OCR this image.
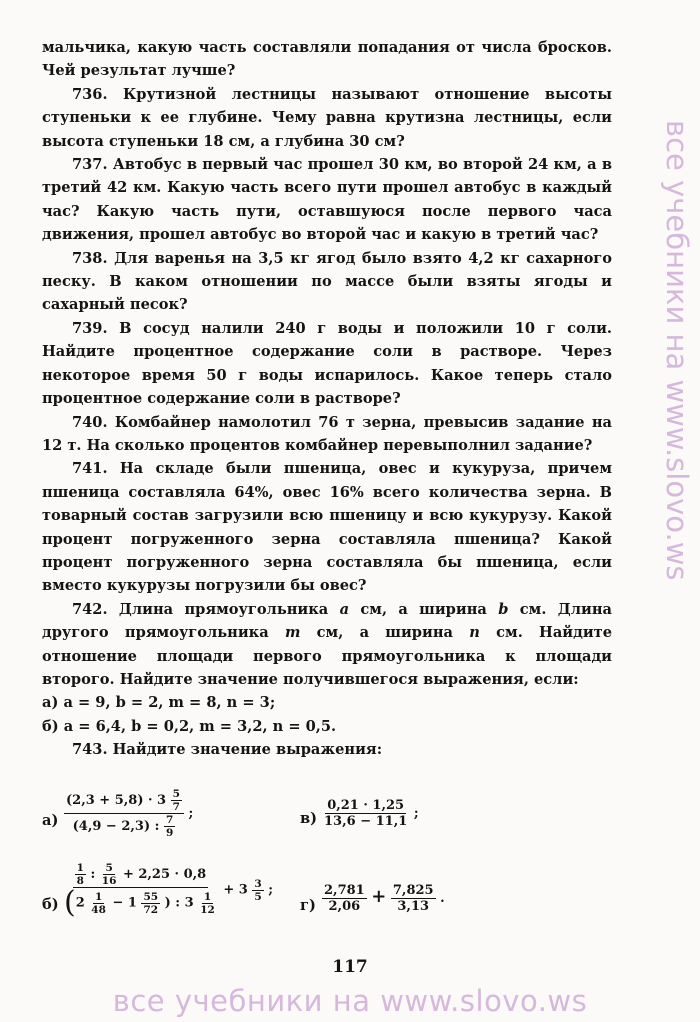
мальчика, какую часть составляли попадания от числа бросков. Чей результат лучше?

736. Крутизной лестницы называют отношение высоты ступеньки к ее глубине. Чему равна крутизна лестницы, если высота ступеньки 18 см, а глубина 30 см?

737. Автобус в первый час прошел 30 км, во второй 24 км, а в третий 42 км. Какую часть всего пути прошел автобус в каждый час? Какую часть пути, оставшуюся после первого часа движения, прошел автобус во второй час и какую в третий час?

738. Для варенья на 3,5 кг ягод было взято 4,2 кг сахарного песку. В каком отношении по массе были взяты ягоды и сахарный песок?

739. В сосуд налили 240 г воды и положили 10 г соли. Найдите процентное содержание соли в растворе. Через некоторое время 50 г воды испарилось. Какое теперь стало процентное содержание соли в растворе?

740. Комбайнер намолотил 76 т зерна, превысив задание на 12 т. На сколько процентов комбайнер перевыполнил задание?

741. На складе были пшеница, овес и кукуруза, причем пшеница составляла 64%, овес 16% всего количества зерна. В товарный состав загрузили всю пшеницу и всю кукурузу. Какой процент погруженного зерна составляла пшеница? Какой процент погруженного зерна составляла бы пшеница, если вместо кукурузы погрузили бы овес?

742. Длина прямоугольника a см, а ширина b см. Длина другого прямоугольника m см, а ширина n см. Найдите отношение площади первого прямоугольника к площади второго. Найдите значение получившегося выражения, если:

а) a = 9, b = 2, m = 8, n = 3;

б) a = 6,4, b = 0,2, m = 3,2, n = 0,5.

743. Найдите значение выражения:

$а) \frac{(2,3 + 5,8) \cdot 3 \frac{5}{7}}{(4,9 - 2,3) : \frac{7}{9}}$ ;	$в) \frac{0,21 \cdot 1,25}{13,6 - 11,1}$ ;
$б) \frac{\frac{1}{8} : \frac{5}{16} + 2,25 \cdot 0,8}{(2 \frac{1}{48} - 1 \frac{55}{72} ) : 3 \frac{1}{12}} + 3 \frac{3}{5}$ ;
$г) \frac{2,781}{2,06} + \frac{7,825}{3,13}$ .
117
все учебники на www.slovo.ws
все учебники на www.slovo.ws
